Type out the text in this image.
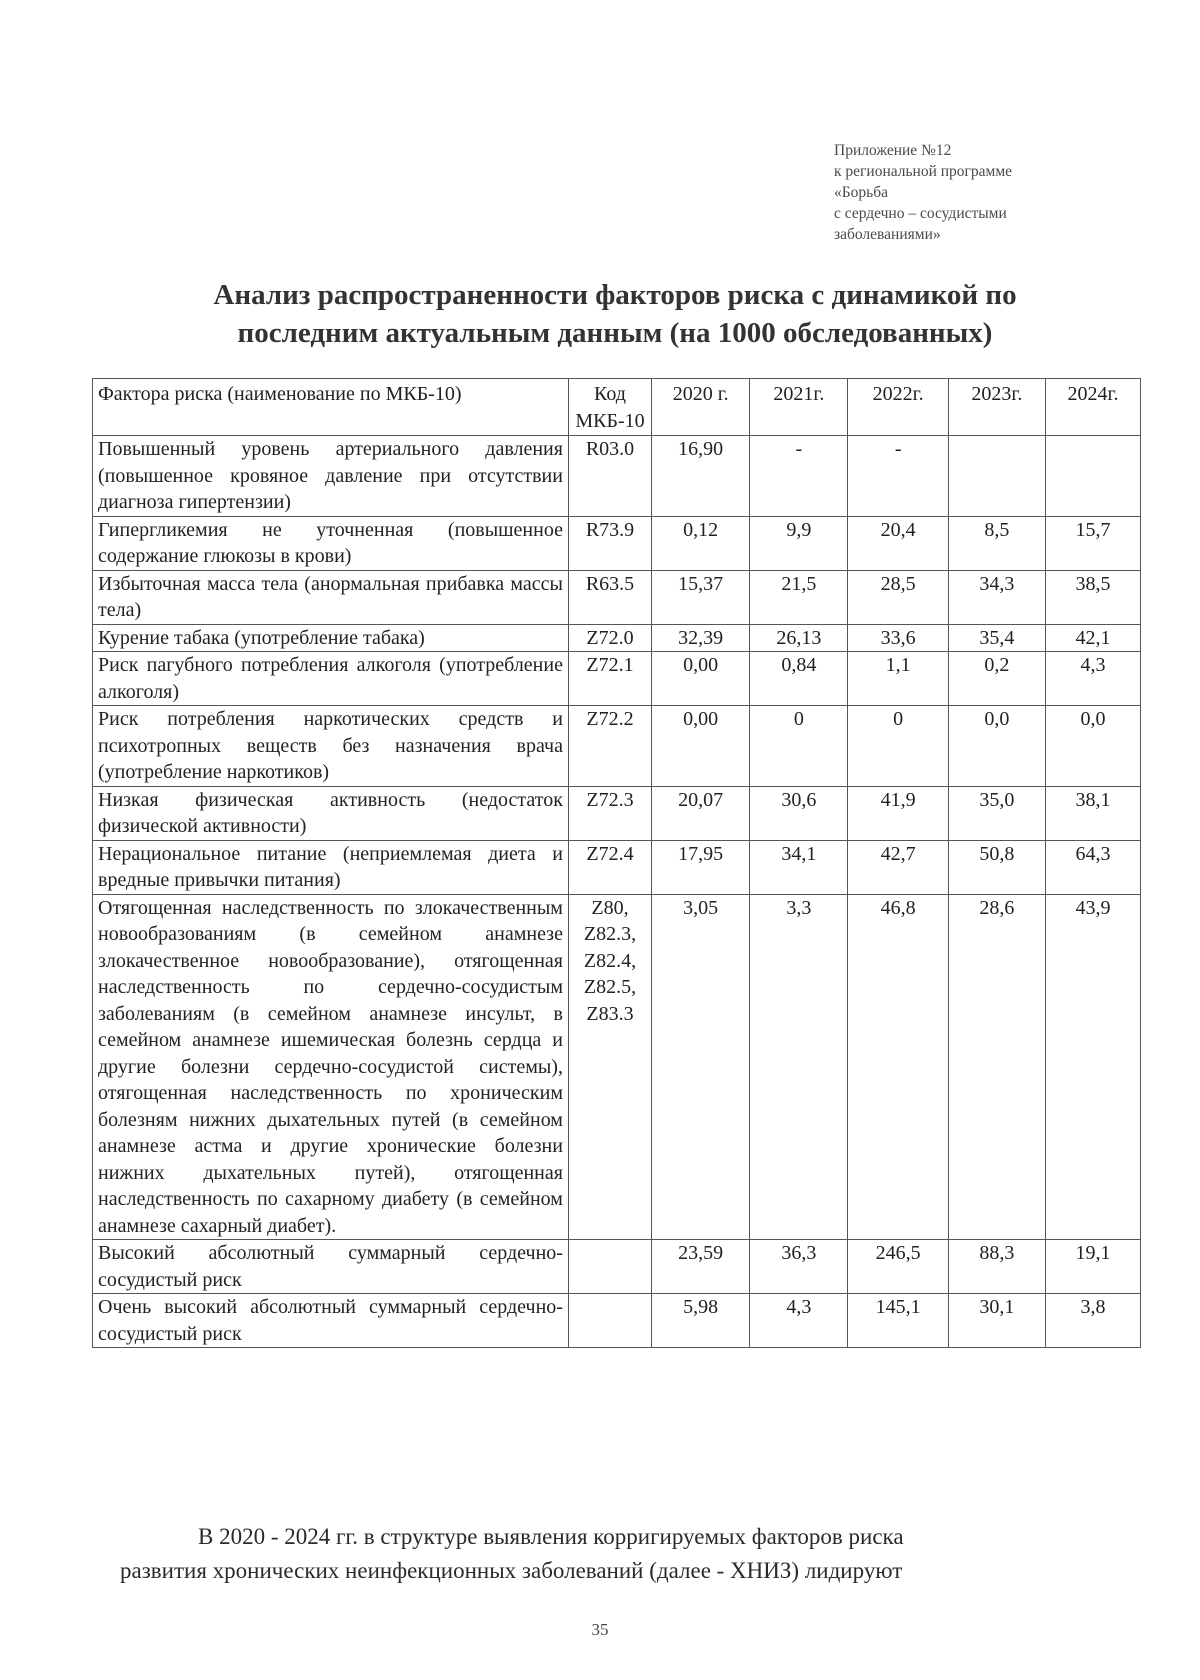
Приложение №12
к региональной программе
«Борьба
с сердечно – сосудистыми
заболеваниями»
Анализ распространенности факторов риска с динамикой по
последним актуальным данным (на 1000 обследованных)
Фактора риска (наименование по МКБ-10)	Код МКБ-10	2020 г.	2021г.	2022г.	2023г.	2024г.
Повышенный уровень артериального давления (повышенное кровяное давление при отсутствии диагноза гипертензии)	R03.0	16,90	-	-		
Гипергликемия не уточненная (повышенное содержание глюкозы в крови)	R73.9	0,12	9,9	20,4	8,5	15,7
Избыточная масса тела (анормальная прибавка массы тела)	R63.5	15,37	21,5	28,5	34,3	38,5
Курение табака (употребление табака)	Z72.0	32,39	26,13	33,6	35,4	42,1
Риск пагубного потребления алкоголя (употребление алкоголя)	Z72.1	0,00	0,84	1,1	0,2	4,3
Риск потребления наркотических средств и психотропных веществ без назначения врача (употребление наркотиков)	Z72.2	0,00	0	0	0,0	0,0
Низкая физическая активность (недостаток физической активности)	Z72.3	20,07	30,6	41,9	35,0	38,1
Нерациональное питание (неприемлемая диета и вредные привычки питания)	Z72.4	17,95	34,1	42,7	50,8	64,3
Отягощенная наследственность по злокачественным новообразованиям (в семейном анамнезе злокачественное новообразование), отягощенная наследственность по сердечно-сосудистым заболеваниям (в семейном анамнезе инсульт, в семейном анамнезе ишемическая болезнь сердца и другие болезни сердечно-сосудистой системы), отягощенная наследственность по хроническим болезням нижних дыхательных путей (в семейном анамнезе астма и другие хронические болезни нижних дыхательных путей), отягощенная наследственность по сахарному диабету (в семейном анамнезе сахарный диабет).	Z80, Z82.3, Z82.4, Z82.5, Z83.3	3,05	3,3	46,8	28,6	43,9
Высокий абсолютный суммарный сердечно-сосудистый риск		23,59	36,3	246,5	88,3	19,1
Очень высокий абсолютный суммарный сердечно-сосудистый риск		5,98	4,3	145,1	30,1	3,8
В 2020 - 2024 гг. в структуре выявления корригируемых факторов риска
развития хронических неинфекционных заболеваний (далее - ХНИЗ) лидируют
35
